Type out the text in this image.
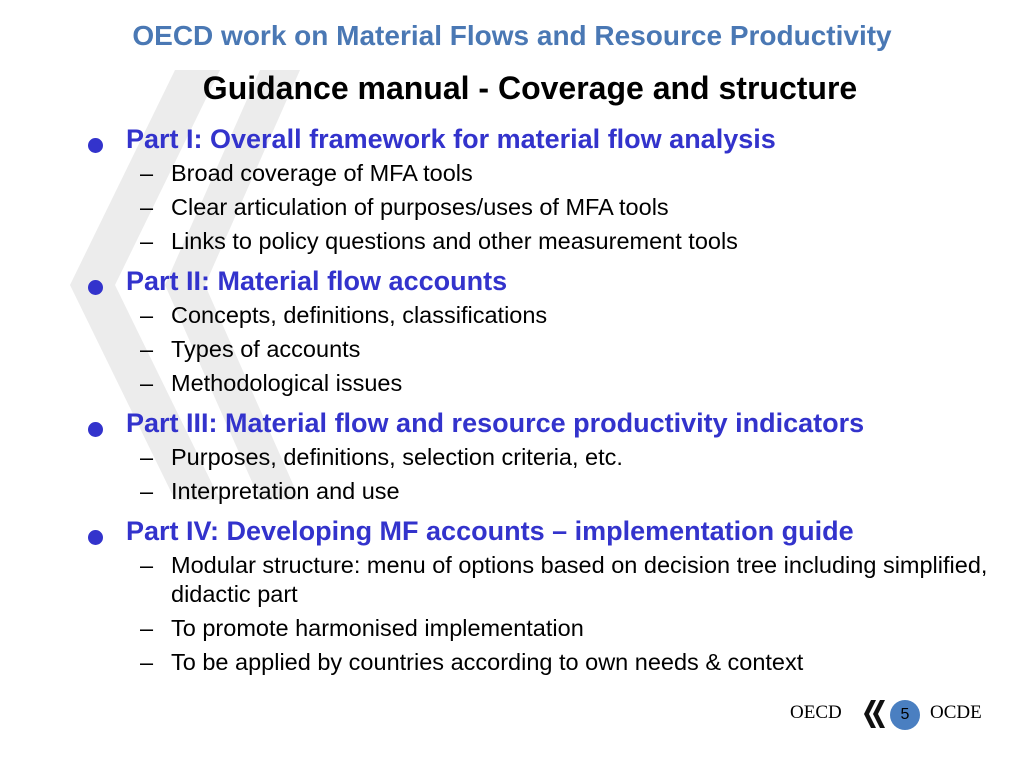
OECD work on Material Flows and Resource Productivity
Guidance manual - Coverage and structure
Part I: Overall framework for material flow analysis
– Broad coverage of MFA tools
– Clear articulation of purposes/uses of MFA tools
– Links to policy questions and other measurement tools
Part II: Material flow accounts
– Concepts, definitions, classifications
– Types of accounts
– Methodological issues
Part III: Material flow and resource productivity indicators
– Purposes, definitions, selection criteria, etc.
– Interpretation and use
Part IV: Developing MF accounts – implementation guide
– Modular structure: menu of options based on decision tree including simplified, didactic part
– To promote harmonised implementation
– To be applied by countries according to own needs & context
OECD	5	OCDE
